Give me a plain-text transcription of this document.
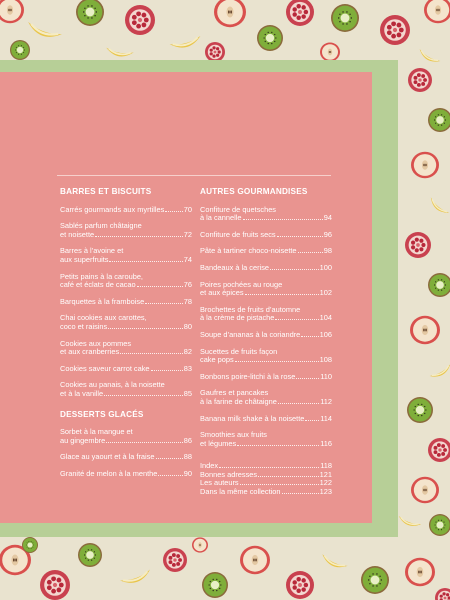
BARRES ET BISCUITS
Carrés gourmands aux myrtilles	70
Sablés parfum châtaigne
et noisette	72
Barres à l’avoine et
aux superfruits	74
Petits pains à la caroube,
café et éclats de cacao	76
Barquettes à la framboise	78
Chai cookies aux carottes,
coco et raisins	80
Cookies aux pommes
et aux cranberries	82
Cookies saveur carrot cake	83
Cookies au panais, à la noisette
et à la vanille	85
DESSERTS GLACÉS
Sorbet à la mangue et
au gingembre	86
Glace au yaourt et à la fraise	88
Granité de melon à la menthe	90
AUTRES GOURMANDISES
Confiture de quetsches
à la cannelle	94
Confiture de fruits secs	96
Pâte à tartiner choco-noisette	98
Bandeaux à la cerise	100
Poires pochées au rouge
et aux épices	102
Brochettes de fruits d’automne
à la crème de pistache	104
Soupe d’ananas à la coriandre	106
Sucettes de fruits façon
cake pops	108
Bonbons poire-litchi à la rose	110
Gaufres et pancakes
à la farine de châtaigne	112
Banana milk shake à la noisette 114
Smoothies aux fruits
et légumes	116
Index	118
Bonnes adresses	121
Les auteurs	122
Dans la même collection	123
